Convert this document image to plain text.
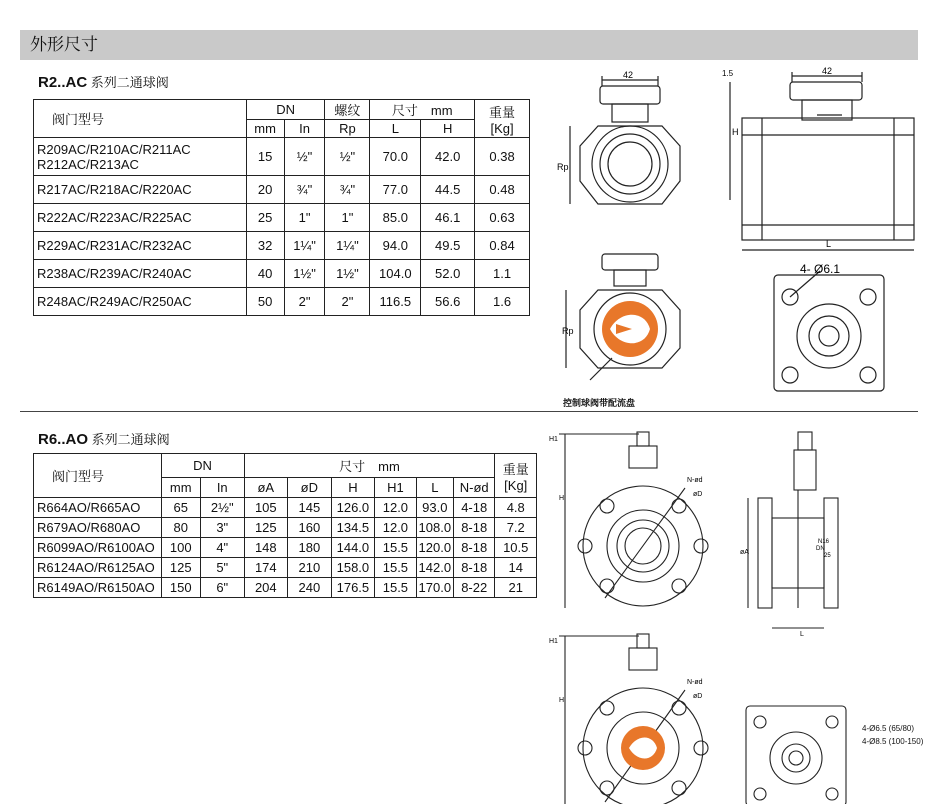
外形尺寸
R2..AC 系列二通球阀
阀门型号	DN		螺纹	尺寸　mm		重量
[Kg]
	mm	In	Rp	L	H	
R209AC/R210AC/R211AC
R212AC/R213AC	15	½"	½"	70.0	42.0	0.38
R217AC/R218AC/R220AC	20	¾"	¾"	77.0	44.5	0.48
R222AC/R223AC/R225AC	25	1"	1"	85.0	46.1	0.63
R229AC/R231AC/R232AC	32	1¼"	1¼"	94.0	49.5	0.84
R238AC/R239AC/R240AC	40	1½"	1½"	104.0	52.0	1.1
R248AC/R249AC/R250AC	50	2"	2"	116.5	56.6	1.6
42
Rp
42
1.5
H
L
Rp
4- Ø6.1
控制球阀带配流盘
R6..AO 系列二通球阀
阀门型号	DN		尺寸　mm						重量
[Kg]
	mm	In	øA	øD	H	H1	L	N-ød	
R664AO/R665AO	65	2½"	105	145	126.0	12.0	93.0	4-18	4.8
R679AO/R680AO	80	3"	125	160	134.5	12.0	108.0	8-18	7.2
R6099AO/R6100AO	100	4"	148	180	144.0	15.5	120.0	8-18	10.5
R6124AO/R6125AO	125	5"	174	210	158.0	15.5	142.0	8-18	14
R6149AO/R6150AO	150	6"	204	240	176.5	15.5	170.0	8-22	21
H1
H
N-ød
øD
øA	DN
N16
25
L
H1
H
N-ød
øD
4-Ø6.5 (65/80)
4-Ø8.5 (100-150)
